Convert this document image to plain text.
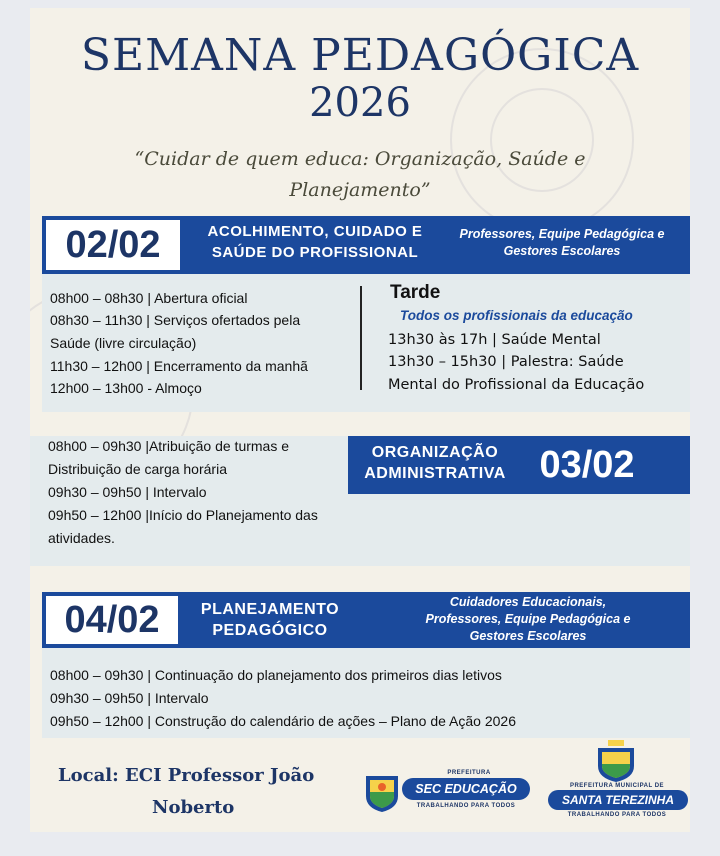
SEMANA PEDAGÓGICA
2026
“Cuidar de quem educa: Organização, Saúde e
Planejamento”
02/02	ACOLHIMENTO, CUIDADO E
SAÚDE DO PROFISSIONAL
Professores, Equipe Pedagógica e
Gestores Escolares
08h00 – 08h30 | Abertura oficial
08h30 – 11h30 | Serviços ofertados pela
Saúde (livre circulação)
11h30 – 12h00 | Encerramento da manhã
12h00 – 13h00 - Almoço
Tarde
Todos os profissionais da educação
13h30 às 17h | Saúde Mental
13h30 – 15h30 | Palestra: Saúde
Mental do Profissional da Educação
ORGANIZAÇÃO
ADMINISTRATIVA 03/02
08h00 – 09h30 |Atribuição de turmas e
Distribuição de carga horária
09h30 – 09h50 | Intervalo
09h50 – 12h00 |Início do Planejamento das
atividades.
04/02	PLANEJAMENTO
PEDAGÓGICO
Cuidadores Educacionais,
Professores, Equipe Pedagógica e
Gestores Escolares
08h00 – 09h30 | Continuação do planejamento dos primeiros dias letivos
09h30 – 09h50 | Intervalo
09h50 – 12h00 | Construção do calendário de ações – Plano de Ação 2026
Local: ECI Professor João
Noberto
PREFEITURA
SEC EDUCAÇÃO
TRABALHANDO PARA TODOS
PREFEITURA MUNICIPAL DE
SANTA TEREZINHA
TRABALHANDO PARA TODOS
